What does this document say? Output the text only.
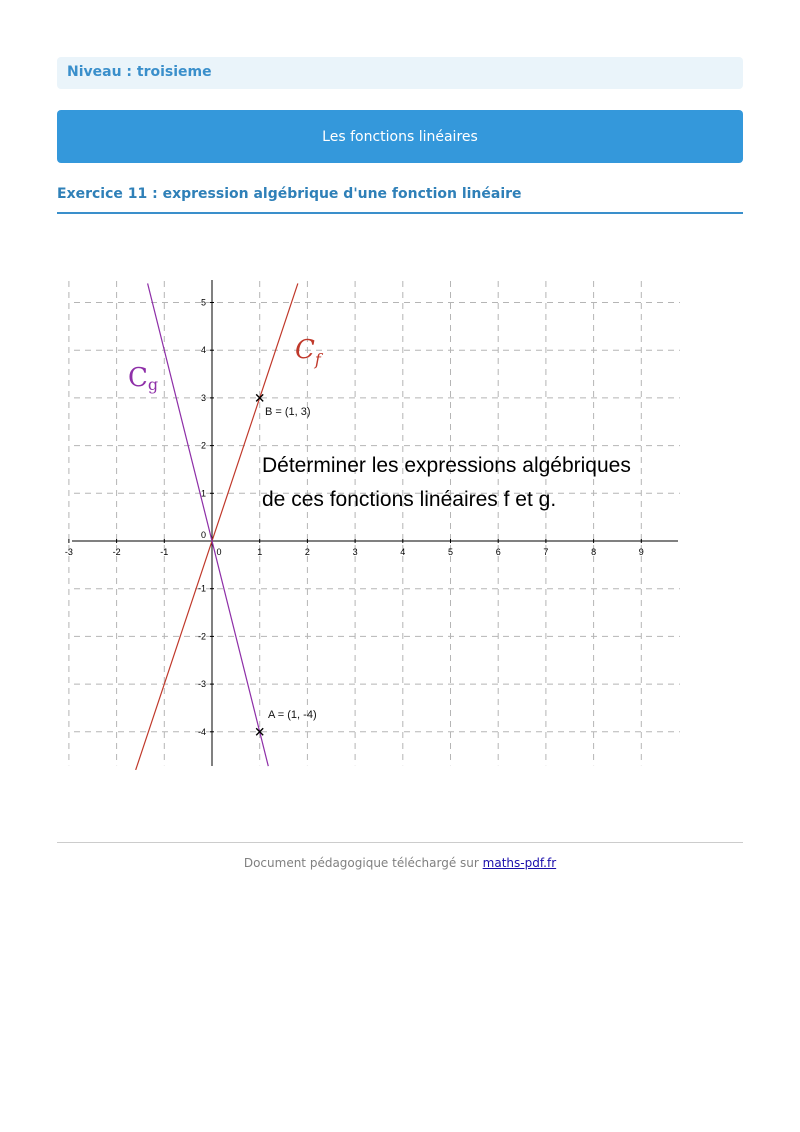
Niveau : troisieme
Les fonctions linéaires
Exercice 11 : expression algébrique d'une fonction linéaire
-3	-2	-1	0	1	2	3	4	5	6	7	8	9
5
4
3
2
1
0
-1
-2
-3
-4
$C_f$
Cg
B = (1, 3)
A = (1, -4)
Déterminer les expressions algébriques
de ces fonctions linéaires f et g.
Document pédagogique téléchargé sur maths-pdf.fr
